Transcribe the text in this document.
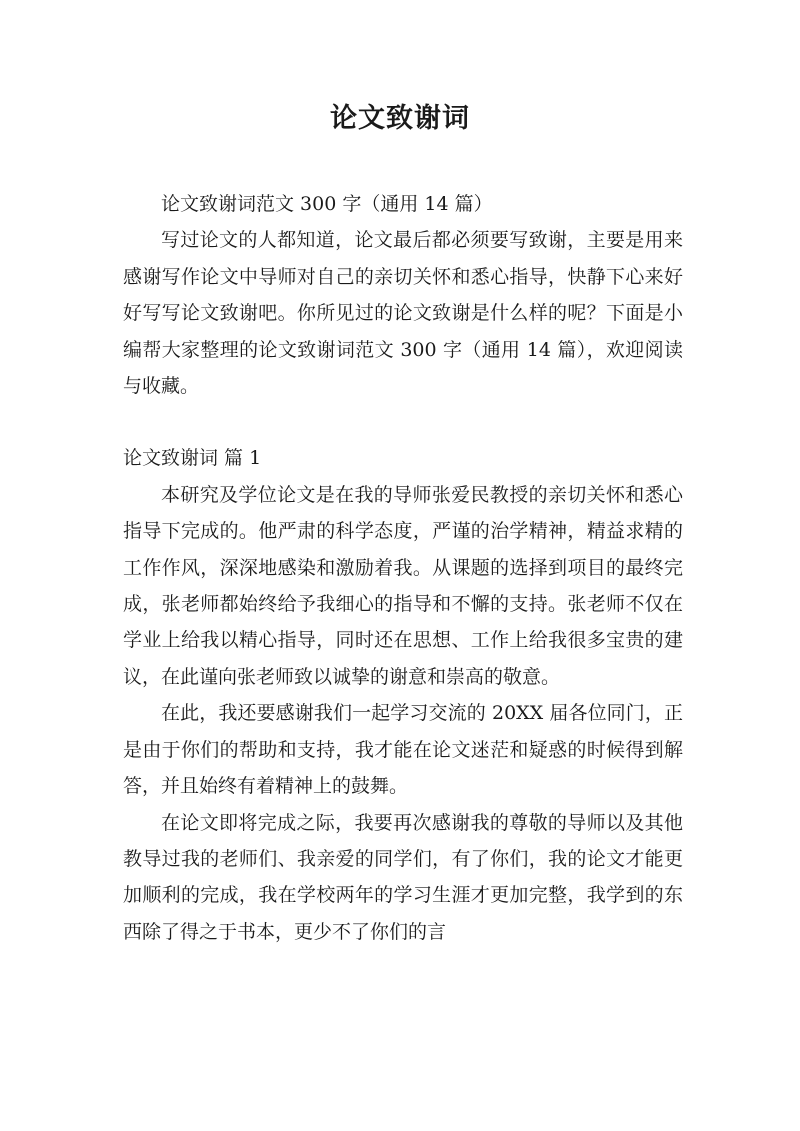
论文致谢词

论文致谢词范文 300 字（通用 14 篇）

写过论文的人都知道，论文最后都必须要写致谢，主要是用来感谢写作论文中导师对自己的亲切关怀和悉心指导，快静下心来好好写写论文致谢吧。你所见过的论文致谢是什么样的呢？下面是小编帮大家整理的论文致谢词范文 300 字（通用 14 篇），欢迎阅读与收藏。

论文致谢词 篇 1

本研究及学位论文是在我的导师张爱民教授的亲切关怀和悉心指导下完成的。他严肃的科学态度，严谨的治学精神，精益求精的工作作风，深深地感染和激励着我。从课题的选择到项目的最终完成，张老师都始终给予我细心的指导和不懈的支持。张老师不仅在学业上给我以精心指导，同时还在思想、工作上给我很多宝贵的建议，在此谨向张老师致以诚挚的谢意和崇高的敬意。

在此，我还要感谢我们一起学习交流的 20XX 届各位同门，正是由于你们的帮助和支持，我才能在论文迷茫和疑惑的时候得到解答，并且始终有着精神上的鼓舞。

在论文即将完成之际，我要再次感谢我的尊敬的导师以及其他教导过我的老师们、我亲爱的同学们，有了你们，我的论文才能更加顺利的完成，我在学校两年的学习生涯才更加完整，我学到的东西除了得之于书本，更少不了你们的言
